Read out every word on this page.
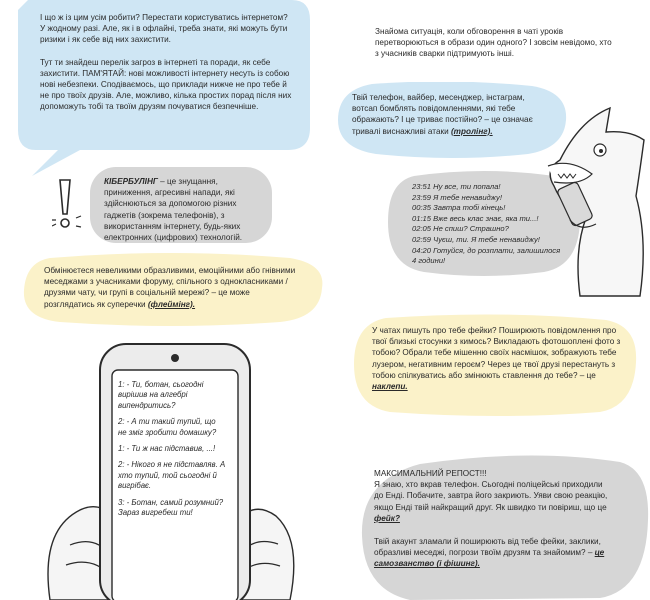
І що ж із цим усім робити? Перестати користуватись інтернетом? У жодному разі. Але, як і в офлайні, треба знати, які можуть бути ризики і як себе від них захистити.

Тут ти знайдеш перелік загроз в інтернеті та поради, як себе захистити. ПАМ'ЯТАЙ: нові можливості інтернету несуть із собою нові небезпеки. Сподіваємось, що приклади нижче не про тебе й не про твоїх друзів. Але, можливо, кілька простих порад після них допоможуть тобі та твоїм друзям почуватися безпечніше.

КІБЕРБУЛІНГ – це знущання, приниження, агресивні напади, які здійснюються за допомогою різних гаджетів (зокрема телефонів), з використанням інтернету, будь-яких електронних (цифрових) технологій.
Обмінюєтеся невеликими образливими, емоційними або гнівними меседжами з учасниками форуму, спільного з однокласниками / друзями чату, чи групі в соціальній мережі? – це може розглядатись як суперечки (флеймінг).

1: - Ти, ботан, сьогодні вирішив на алгебрі випендритись?

2: - А ти такий тупий, що не зміг зробити домашку?

1: - Ти ж нас підставив, ...!

2: - Нікого я не підставляв. А хто тупий, той сьогодні й вигрібає.

3: - Ботан, самий розумний? Зараз вигребеш ти!

Знайома ситуація, коли обговорення в чаті уроків перетворюються в образи один одного? І зовсім невідомо, хто з учасників сварки підтримують інші.
Твій телефон, вайбер, месенджер, інстаграм, вотсап бомблять повідомленнями, які тебе ображають? І це триває постійно? – це означає тривалі виснажливі атаки (тролінг).

23:51 Ну все, ти попала!

23:59 Я тебе ненавиджу!

00:35 Завтра тобі кінець!

01:15 Вже весь клас знає, яка ти...!

02:05 Не спиш? Страшно?

02:59 Чуєш, ти. Я тебе ненавиджу!

04:20 Готуйся, до розплати, залишилося 4 години!

У чатах пишуть про тебе фейки? Поширюють повідомлення про твої близькі стосунки з кимось? Викладають фотошоплені фото з тобою? Обрали тебе мішенню своїх насмішок, зображують тебе лузером, негативним героєм? Через це твої друзі перестануть з тобою спілкуватись або змінюють ставлення до тебе? – це наклепи.

МАКСИМАЛЬНИЙ РЕПОСТ!!!

Я знаю, хто вкрав телефон. Сьогодні поліцейські приходили до Енді. Побачите, завтра його закриють. Уяви свою реакцію, якщо Енді твій найкращий друг. Як швидко ти повіриш, що це фейк?

Твій акаунт зламали й поширюють від тебе фейки, заклики, образливі меседжі, погрози твоїм друзям та знайомим? – це самозванство (і фішинг).
